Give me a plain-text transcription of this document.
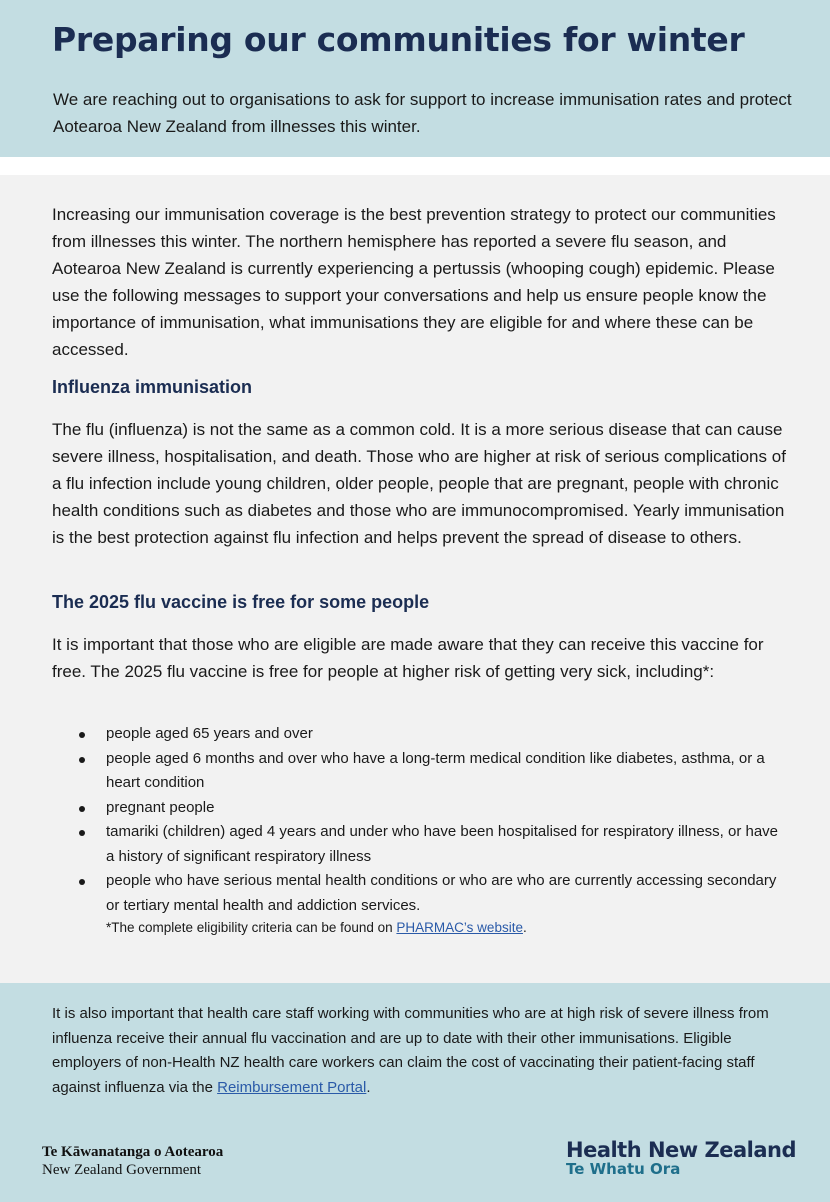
Preparing our communities for winter

We are reaching out to organisations to ask for support to increase immunisation rates and protect Aotearoa New Zealand from illnesses this winter.

Increasing our immunisation coverage is the best prevention strategy to protect our communities from illnesses this winter. The northern hemisphere has reported a severe flu season, and Aotearoa New Zealand is currently experiencing a pertussis (whooping cough) epidemic. Please use the following messages to support your conversations and help us ensure people know the importance of immunisation, what immunisations they are eligible for and where these can be accessed.

Influenza immunisation

The flu (influenza) is not the same as a common cold. It is a more serious disease that can cause severe illness, hospitalisation, and death. Those who are higher at risk of serious complications of a flu infection include young children, older people, people that are pregnant, people with chronic health conditions such as diabetes and those who are immunocompromised. Yearly immunisation is the best protection against flu infection and helps prevent the spread of disease to others.

The 2025 flu vaccine is free for some people

It is important that those who are eligible are made aware that they can receive this vaccine for free. The 2025 flu vaccine is free for people at higher risk of getting very sick, including*:

people aged 65 years and over
people aged 6 months and over who have a long-term medical condition like diabetes, asthma, or a heart condition
pregnant people
tamariki (children) aged 4 years and under who have been hospitalised for respiratory illness, or have a history of significant respiratory illness
people who have serious mental health conditions or who are who are currently accessing secondary or tertiary mental health and addiction services.
*The complete eligibility criteria can be found on PHARMAC’s website.

It is also important that health care staff working with communities who are at high risk of severe illness from influenza receive their annual flu vaccination and are up to date with their other immunisations. Eligible employers of non-Health NZ health care workers can claim the cost of vaccinating their patient-facing staff against influenza via the Reimbursement Portal.

Te Kāwanatanga o Aotearoa
New Zealand Government
Health New Zealand
Te Whatu Ora
